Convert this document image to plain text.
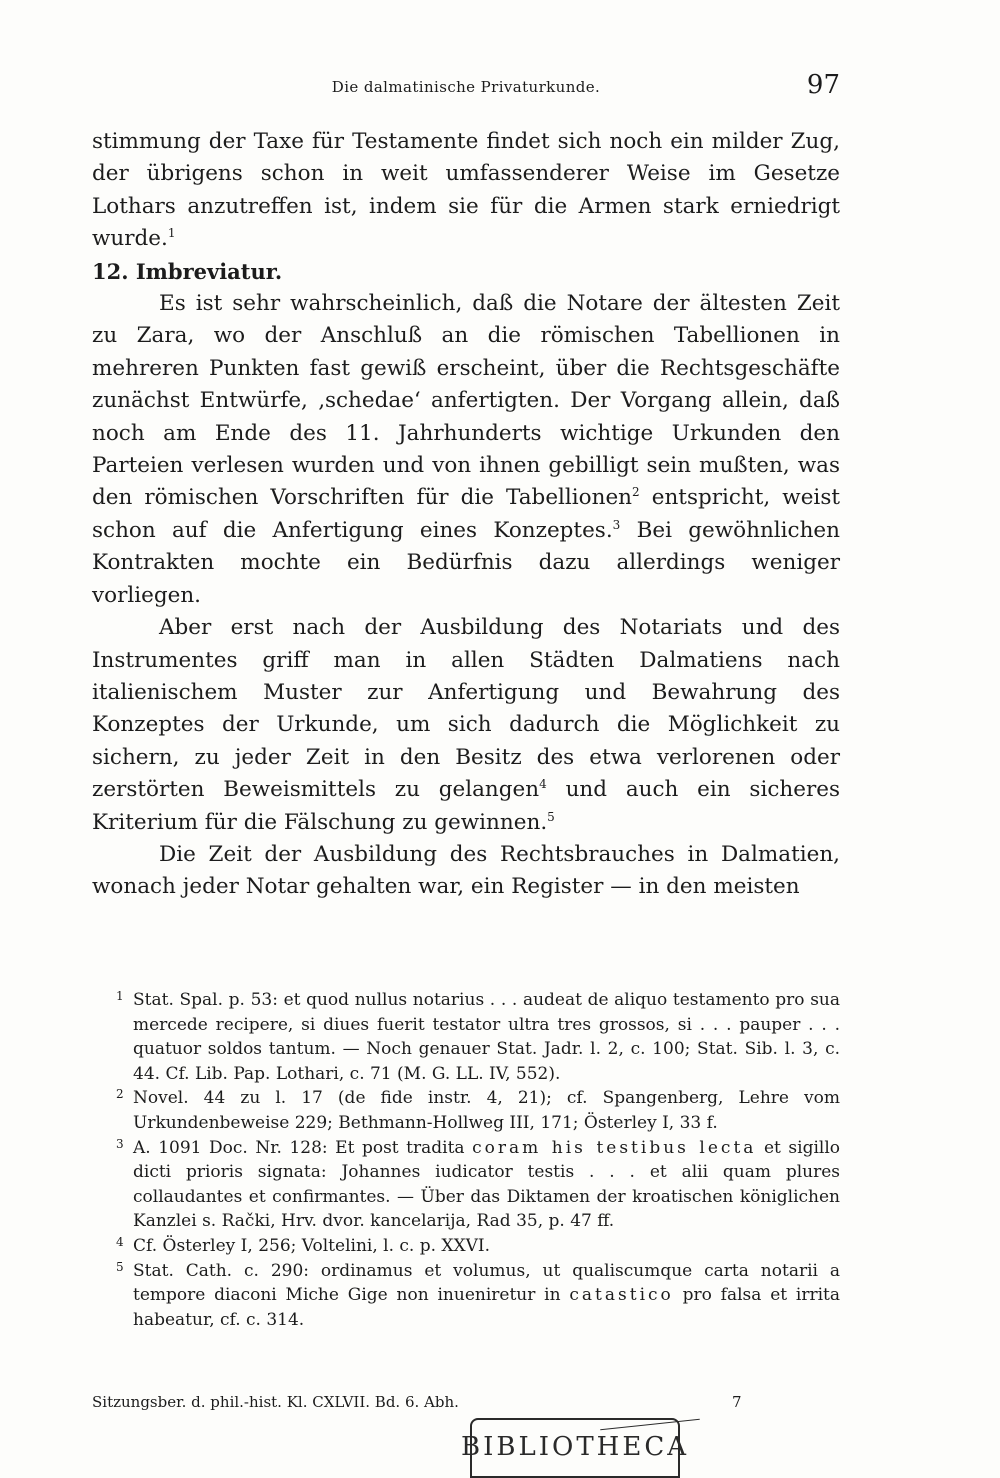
Die dalmatinische Privaturkunde.	97

stimmung der Taxe für Testamente findet sich noch ein milder Zug, der übrigens schon in weit umfassenderer Weise im Gesetze Lothars anzutreffen ist, indem sie für die Armen stark erniedrigt wurde.$^1$

12. Imbreviatur.

Es ist sehr wahrscheinlich, daß die Notare der ältesten Zeit zu Zara, wo der Anschluß an die römischen Tabellionen in mehreren Punkten fast gewiß erscheint, über die Rechtsgeschäfte zunächst Entwürfe, ‚schedae‘ anfertigten. Der Vorgang allein, daß noch am Ende des 11. Jahrhunderts wichtige Urkunden den Parteien verlesen wurden und von ihnen gebilligt sein mußten, was den römischen Vorschriften für die Tabellionen$^2$ entspricht, weist schon auf die Anfertigung eines Konzeptes.$^3$ Bei gewöhnlichen Kontrakten mochte ein Bedürfnis dazu allerdings weniger vorliegen.

Aber erst nach der Ausbildung des Notariats und des Instrumentes griff man in allen Städten Dalmatiens nach italienischem Muster zur Anfertigung und Bewahrung des Konzeptes der Urkunde, um sich dadurch die Möglichkeit zu sichern, zu jeder Zeit in den Besitz des etwa verlorenen oder zerstörten Beweismittels zu gelangen$^4$ und auch ein sicheres Kriterium für die Fälschung zu gewinnen.$^5$

Die Zeit der Ausbildung des Rechtsbrauches in Dalmatien, wonach jeder Notar gehalten war, ein Register — in den meisten

1 Stat. Spal. p. 53: et quod nullus notarius . . . audeat de aliquo testamento pro sua mercede recipere, si diues fuerit testator ultra tres grossos, si . . . pauper . . . quatuor soldos tantum. — Noch genauer Stat. Jadr. l. 2, c. 100; Stat. Sib. l. 3, c. 44. Cf. Lib. Pap. Lothari, c. 71 (M. G. LL. IV, 552).

2 Novel. 44 zu l. 17 (de fide instr. 4, 21); cf. Spangenberg, Lehre vom Urkundenbeweise 229; Bethmann-Hollweg III, 171; Österley I, 33 f.

3 A. 1091 Doc. Nr. 128: Et post tradita coram his testibus lecta et sigillo dicti prioris signata: Johannes iudicator testis . . . et alii quam plures collaudantes et confirmantes. — Über das Diktamen der kroatischen königlichen Kanzlei s. Rački, Hrv. dvor. kancelarija, Rad 35, p. 47 ff.

4 Cf. Österley I, 256; Voltelini, l. c. p. XXVI.

5 Stat. Cath. c. 290: ordinamus et volumus, ut qualiscumque carta notarii a tempore diaconi Miche Gige non inueniretur in catastico pro falsa et irrita habeatur, cf. c. 314.

Sitzungsber. d. phil.-hist. Kl. CXLVII. Bd. 6. Abh.	7
BIBLIOTHECA
